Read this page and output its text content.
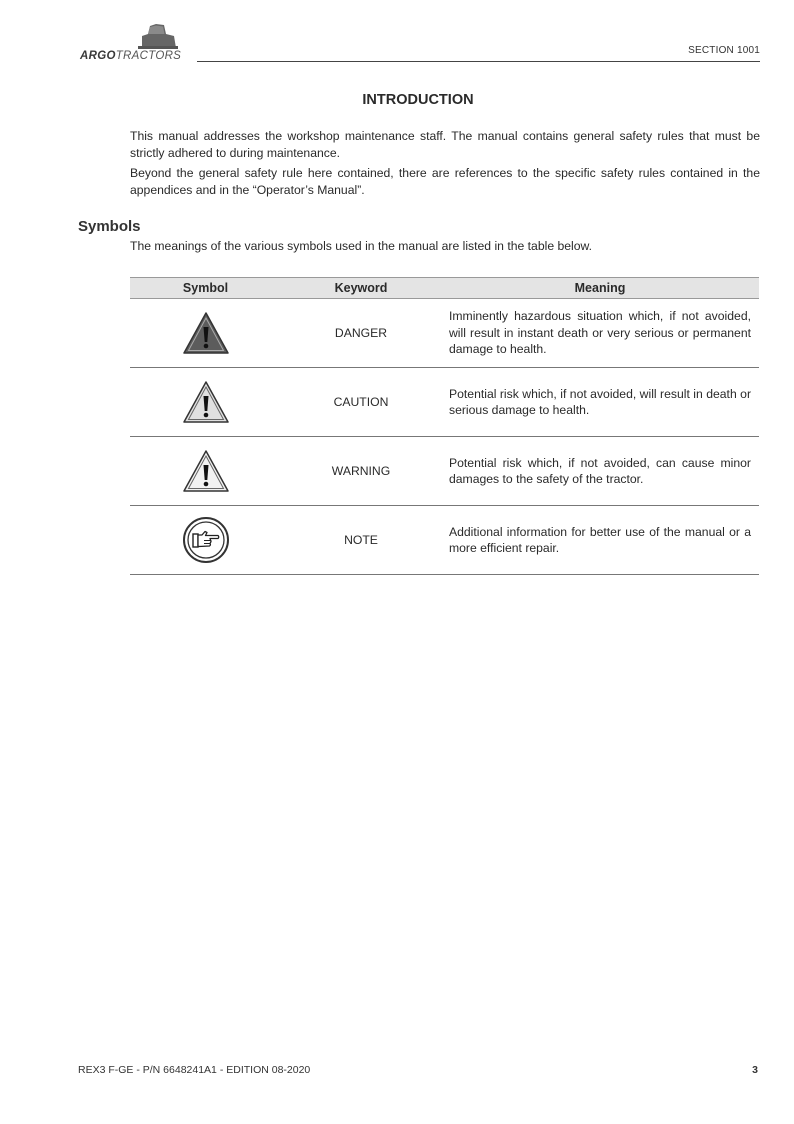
ARGOTRACTORS	SECTION 1001
INTRODUCTION
This manual addresses the workshop maintenance staff. The manual contains general safety rules that must be strictly adhered to during maintenance.
Beyond the general safety rule here contained, there are references to the specific safety rules contained in the appendices and in the “Operator’s Manual”.
Symbols
The meanings of the various symbols used in the manual are listed in the table below.
Symbol	Keyword	Meaning

	DANGER	Imminently hazardous situation which, if not avoided, will result in instant death or very serious or permanent damage to health.

	CAUTION	Potential risk which, if not avoided, will result in death or serious damage to health.

	WARNING	Potential risk which, if not avoided, can cause minor damages to the safety of the tractor.

	NOTE	Additional information for better use of the manual or a more efficient repair.
REX3 F-GE - P/N 6648241A1 - EDITION 08-2020	3
